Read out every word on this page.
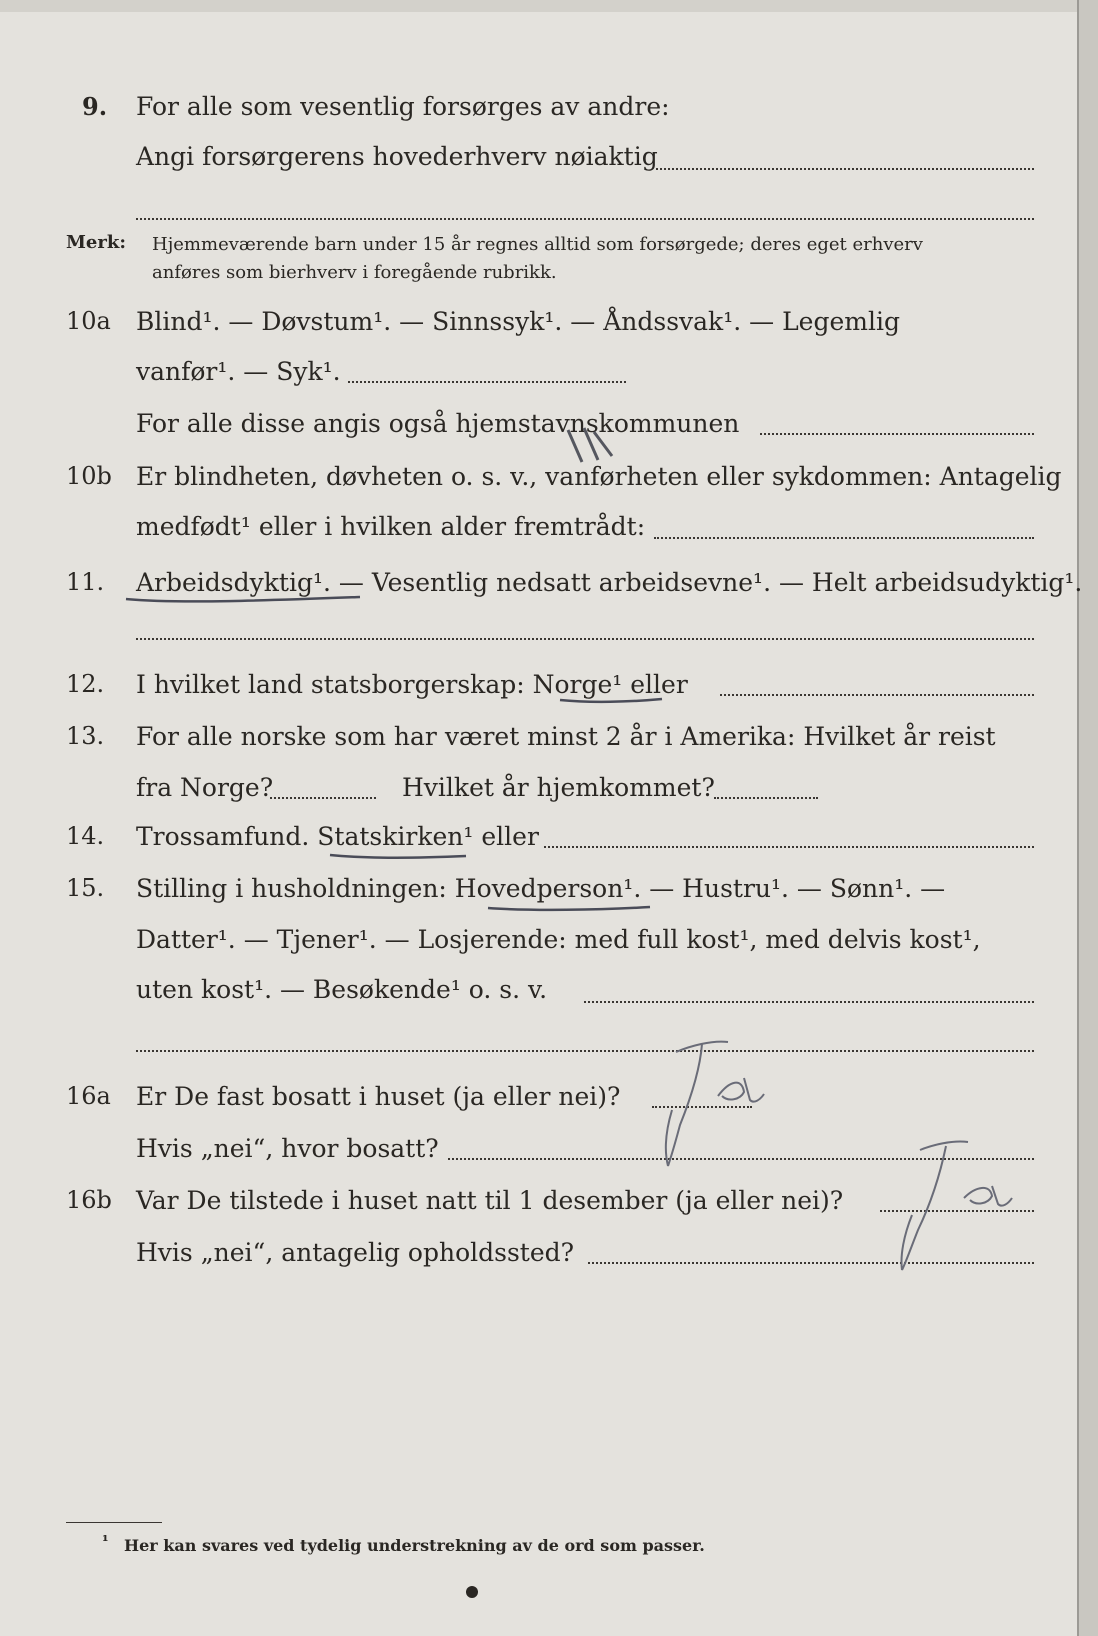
9. For alle som vesentlig forsørges av andre:
Angi forsørgerens hovederhverv nøiaktig
Merk: Hjemmeværende barn under 15 år regnes alltid som forsørgede; deres eget erhverv
anføres som bierhverv i foregående rubrikk.
10a Blind¹. — Døvstum¹. — Sinnssyk¹. — Åndssvak¹. — Legemlig
vanfør¹. — Syk¹.
For alle disse angis også hjemstavnskommunen
10b Er blindheten, døvheten o. s. v., vanførheten eller sykdommen: Antagelig
medfødt¹ eller i hvilken alder fremtrådt:
11. Arbeidsdyktig¹. — Vesentlig nedsatt arbeidsevne¹. — Helt arbeidsudyktig¹.
12. I hvilket land statsborgerskap: Norge¹ eller
13. For alle norske som har været minst 2 år i Amerika: Hvilket år reist
fra Norge?	Hvilket år hjemkommet?
14. Trossamfund. Statskirken¹ eller
15. Stilling i husholdningen: Hovedperson¹. — Hustru¹. — Sønn¹. —
Datter¹. — Tjener¹. — Losjerende: med full kost¹, med delvis kost¹,
uten kost¹. — Besøkende¹ o. s. v.
16a Er De fast bosatt i huset (ja eller nei)?
Hvis „nei“, hvor bosatt?
16b Var De tilstede i huset natt til 1 desember (ja eller nei)?
Hvis „nei“, antagelig opholdssted?
¹ Her kan svares ved tydelig understrekning av de ord som passer.
